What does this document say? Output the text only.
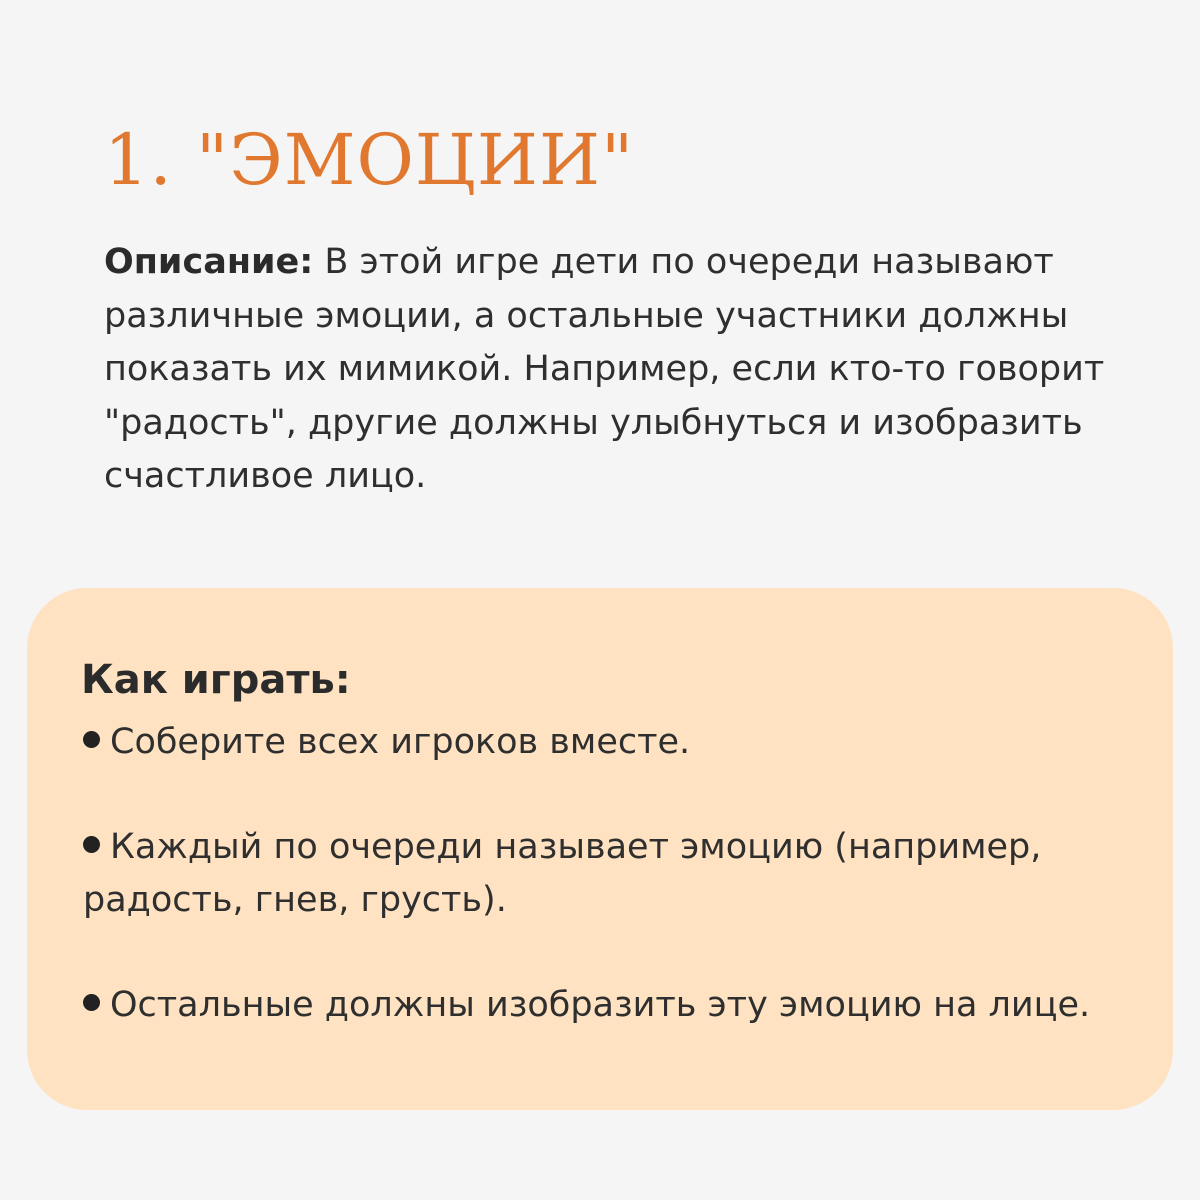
1. "ЭМОЦИИ"

Описание: В этой игре дети по очереди называют различные эмоции, а остальные участники должны показать их мимикой. Например, если кто-то говорит "радость", другие должны улыбнуться и изобразить счастливое лицо.

Как играть:
Соберите всех игроков вместе.
Каждый по очереди называет эмоцию (например, радость, гнев, грусть).
Остальные должны изобразить эту эмоцию на лице.
